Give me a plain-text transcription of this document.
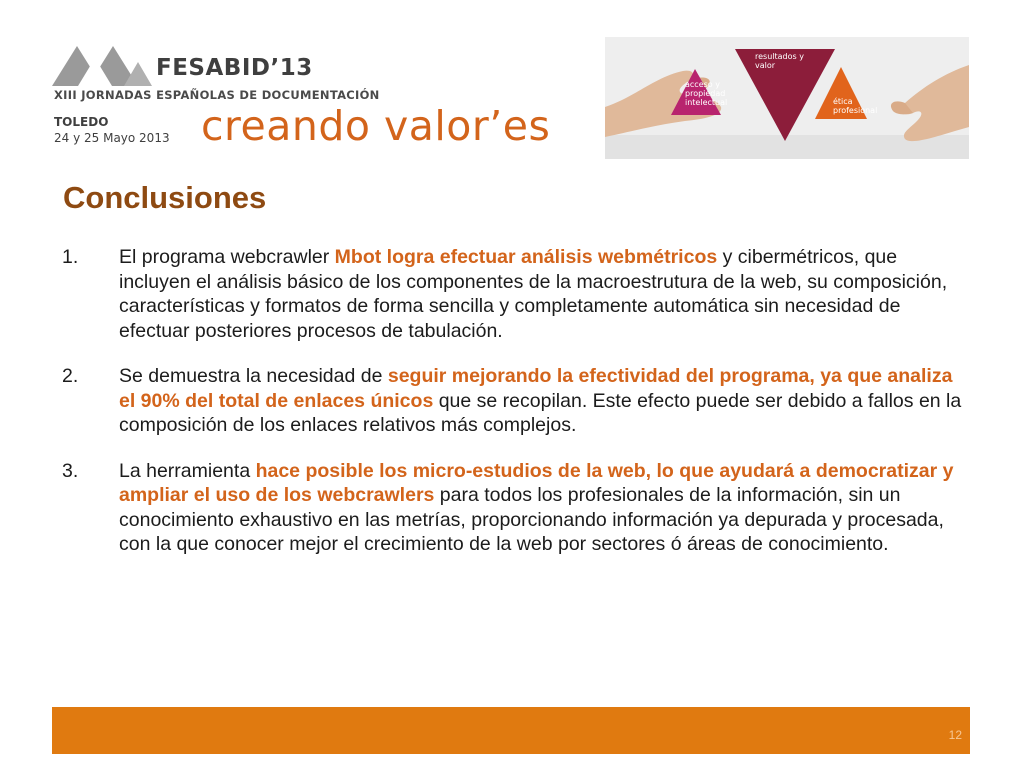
FESABID’13
XIII JORNADAS ESPAÑOLAS DE DOCUMENTACIÓN
TOLEDO
24 y 25 Mayo 2013 creando valor’es
resultados y
valor
acceso y
propiedad
intelectual	ética
profesional
Conclusiones
1. El programa webcrawler Mbot logra efectuar análisis webmétricos y cibermétricos, que incluyen el análisis básico de los componentes de la macroestrutura de la web, su composición, características y formatos de forma sencilla y completamente automática sin necesidad de efectuar posteriores procesos de tabulación.
2. Se demuestra la necesidad de seguir mejorando la efectividad del programa, ya que analiza el 90% del total de enlaces únicos que se recopilan. Este efecto puede ser debido a fallos en la composición de los enlaces relativos más complejos.
3. La herramienta hace posible los micro-estudios de la web, lo que ayudará a democratizar y ampliar el uso de los webcrawlers para todos los profesionales de la información, sin un conocimiento exhaustivo en las metrías, proporcionando información ya depurada y procesada, con la que conocer mejor el crecimiento de la web por sectores ó áreas de conocimiento.
12
